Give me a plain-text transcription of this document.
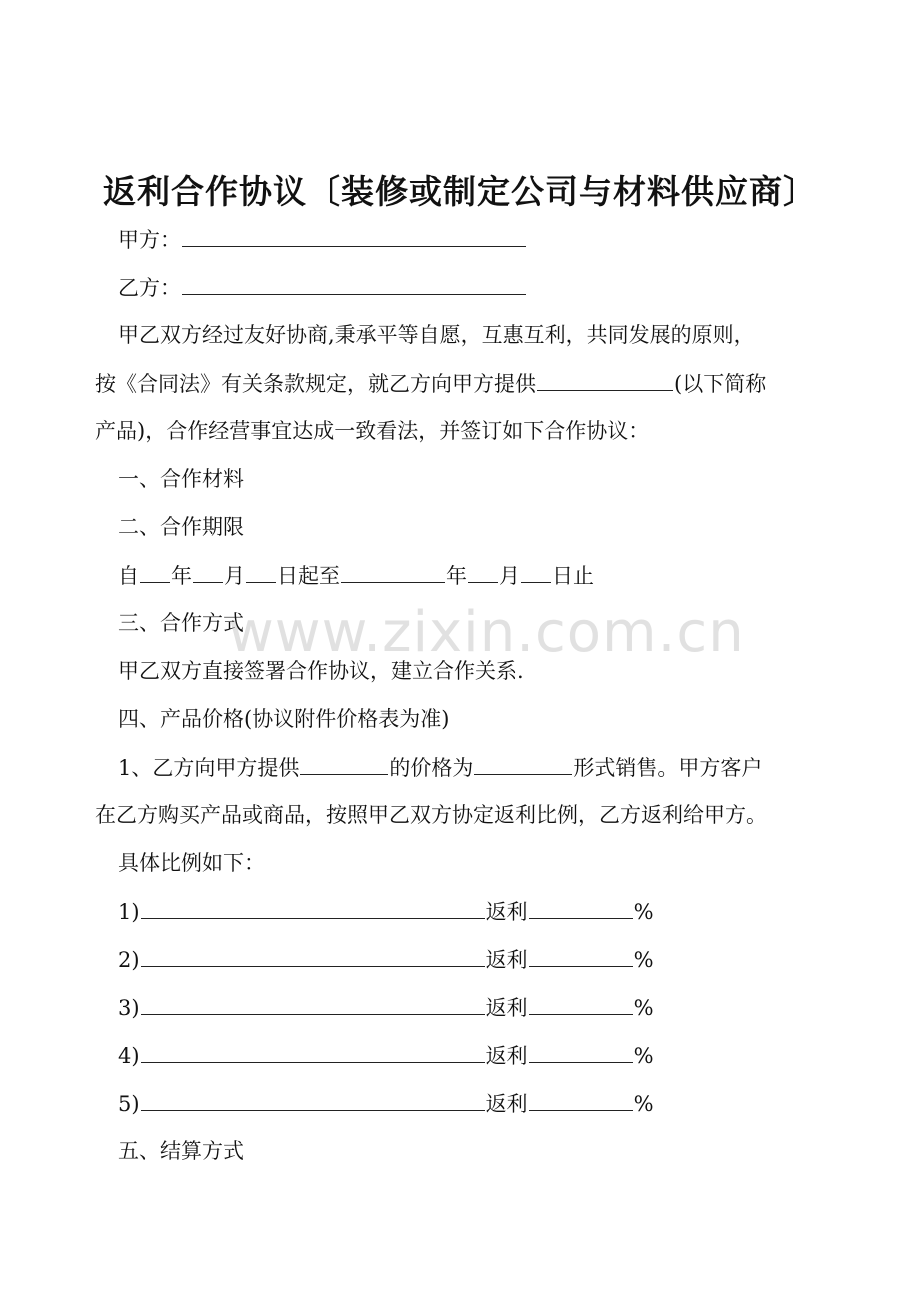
返利合作协议〔装修或制定公司与材料供应商〕
甲方：
乙方：
甲乙双方经过友好协商,秉承平等自愿，互惠互利，共同发展的原则，
按《合同法》有关条款规定，就乙方向甲方提供	(以下简称
产品)，合作经营事宜达成一致看法，并签订如下合作协议：
一、合作材料
二、合作期限
自 年 月 日起至	年 月 日止
三、合作方式
甲乙双方直接签署合作协议，建立合作关系.
四、产品价格(协议附件价格表为准)
1、乙方向甲方提供	的价格为	形式销售。甲方客户
在乙方购买产品或商品，按照甲乙双方协定返利比例，乙方返利给甲方。
具体比例如下：
1)	返利	%
2)	返利	%
3)	返利	%
4)	返利	%
5)	返利	%
五、结算方式
www.zixin.com.cn
